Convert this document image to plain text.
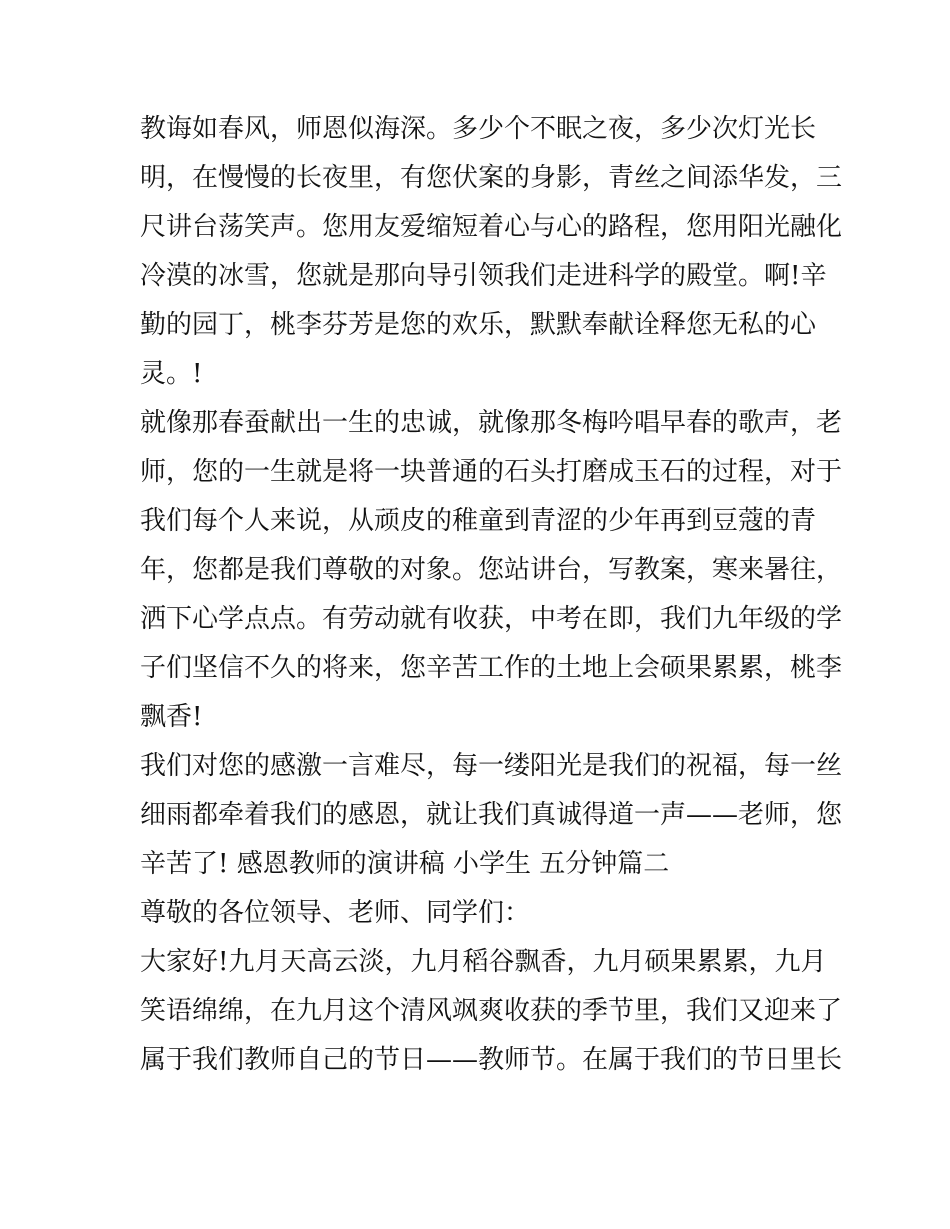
教诲如春风，师恩似海深。多少个不眠之夜，多少次灯光长
明，在慢慢的长夜里，有您伏案的身影，青丝之间添华发，三
尺讲台荡笑声。您用友爱缩短着心与心的路程，您用阳光融化
冷漠的冰雪，您就是那向导引领我们走进科学的殿堂。啊!辛
勤的园丁，桃李芬芳是您的欢乐，默默奉献诠释您无私的心
灵。!
就像那春蚕献出一生的忠诚，就像那冬梅吟唱早春的歌声，老
师，您的一生就是将一块普通的石头打磨成玉石的过程，对于
我们每个人来说，从顽皮的稚童到青涩的少年再到豆蔻的青
年，您都是我们尊敬的对象。您站讲台，写教案，寒来暑往，
洒下心学点点。有劳动就有收获，中考在即，我们九年级的学
子们坚信不久的将来，您辛苦工作的土地上会硕果累累，桃李
飘香!
我们对您的感激一言难尽，每一缕阳光是我们的祝福，每一丝
细雨都牵着我们的感恩，就让我们真诚得道一声——老师，您
辛苦了! 感恩教师的演讲稿 小学生 五分钟篇二
尊敬的各位领导、老师、同学们：
大家好!九月天高云淡，九月稻谷飘香，九月硕果累累，九月
笑语绵绵，在九月这个清风飒爽收获的季节里，我们又迎来了
属于我们教师自己的节日——教师节。在属于我们的节日里长
